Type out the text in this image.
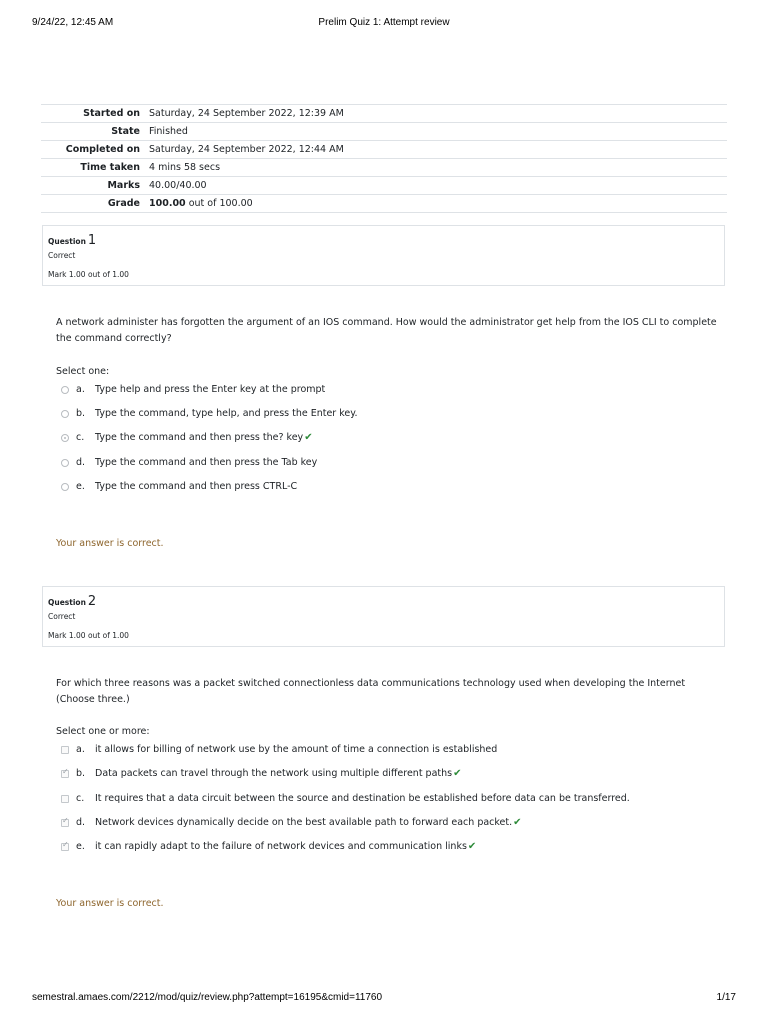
9/24/22, 12:45 AM	Prelim Quiz 1: Attempt review
Started on	Saturday, 24 September 2022, 12:39 AM
State	Finished
Completed on	Saturday, 24 September 2022, 12:44 AM
Time taken	4 mins 58 secs
Marks	40.00/40.00
Grade	100.00 out of 100.00
Question 1
Correct
Mark 1.00 out of 1.00
A network administer has forgotten the argument of an IOS command. How would the administrator get help from the IOS CLI to complete the command correctly?
Select one:
a. Type help and press the Enter key at the prompt
b. Type the command, type help, and press the Enter key.
c. Type the command and then press the? key✔
d. Type the command and then press the Tab key
e. Type the command and then press CTRL-C
Your answer is correct.
Question 2
Correct
Mark 1.00 out of 1.00
For which three reasons was a packet switched connectionless data communications technology used when developing the Internet (Choose three.)
Select one or more:
a. it allows for billing of network use by the amount of time a connection is established
✓
b. Data packets can travel through the network using multiple different paths✔
c. It requires that a data circuit between the source and destination be established before data can be transferred.
✓
d. Network devices dynamically decide on the best available path to forward each packet.✔
✓
e. it can rapidly adapt to the failure of network devices and communication links✔
Your answer is correct.
semestral.amaes.com/2212/mod/quiz/review.php?attempt=16195&cmid=11760	1/17
